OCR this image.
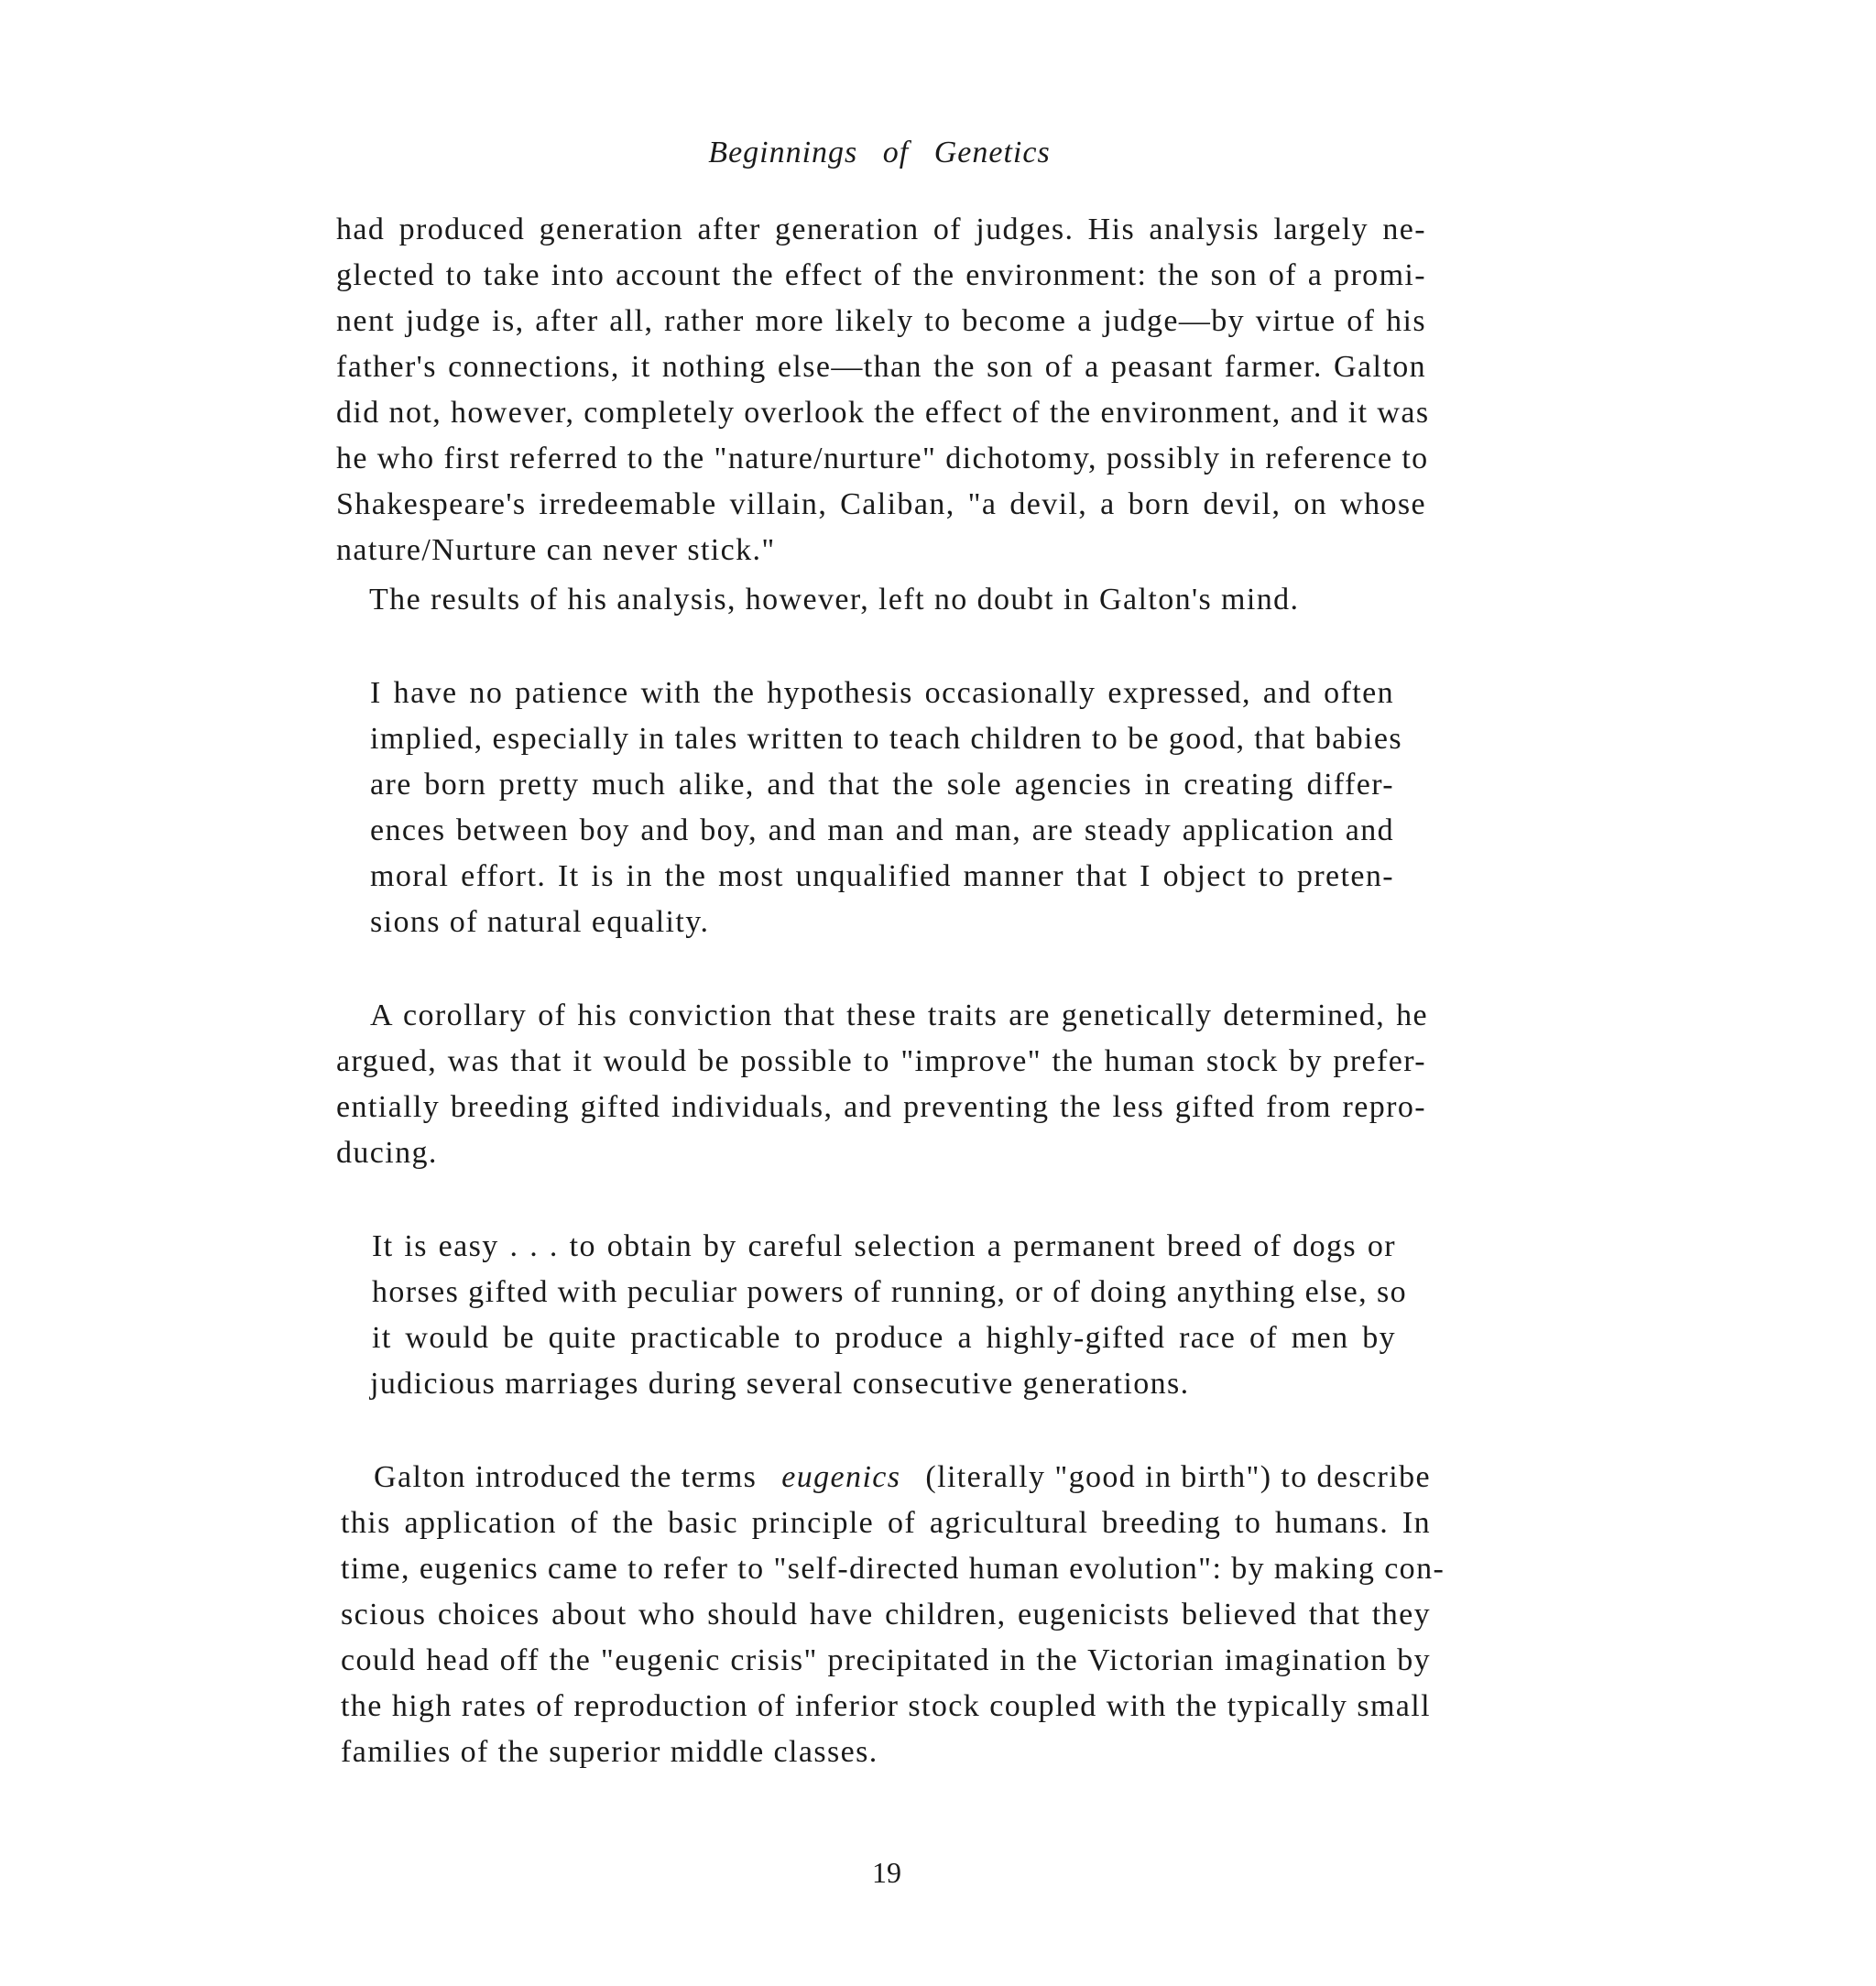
Beginnings of Genetics
had produced generation after generation of judges. His analysis largely ne-
glected to take into account the effect of the environment: the son of a promi-
nent judge is, after all, rather more likely to become a judge—by virtue of his
father's connections, it nothing else—than the son of a peasant farmer. Galton
did not, however, completely overlook the effect of the environment, and it was
he who first referred to the "nature/nurture" dichotomy, possibly in reference to
Shakespeare's irredeemable villain, Caliban, "a devil, a born devil, on whose
nature/Nurture can never stick."
The results of his analysis, however, left no doubt in Galton's mind.
I have no patience with the hypothesis occasionally expressed, and often
implied, especially in tales written to teach children to be good, that babies
are born pretty much alike, and that the sole agencies in creating differ-
ences between boy and boy, and man and man, are steady application and
moral effort. It is in the most unqualified manner that I object to preten-
sions of natural equality.
A corollary of his conviction that these traits are genetically determined, he
argued, was that it would be possible to "improve" the human stock by prefer-
entially breeding gifted individuals, and preventing the less gifted from repro-
ducing.
It is easy . . . to obtain by careful selection a permanent breed of dogs or
horses gifted with peculiar powers of running, or of doing anything else, so
it would be quite practicable to produce a highly-gifted race of men by
judicious marriages during several consecutive generations.
Galton introduced the terms eugenics (literally "good in birth") to describe
this application of the basic principle of agricultural breeding to humans. In
time, eugenics came to refer to "self-directed human evolution": by making con-
scious choices about who should have children, eugenicists believed that they
could head off the "eugenic crisis" precipitated in the Victorian imagination by
the high rates of reproduction of inferior stock coupled with the typically small
families of the superior middle classes.
19
